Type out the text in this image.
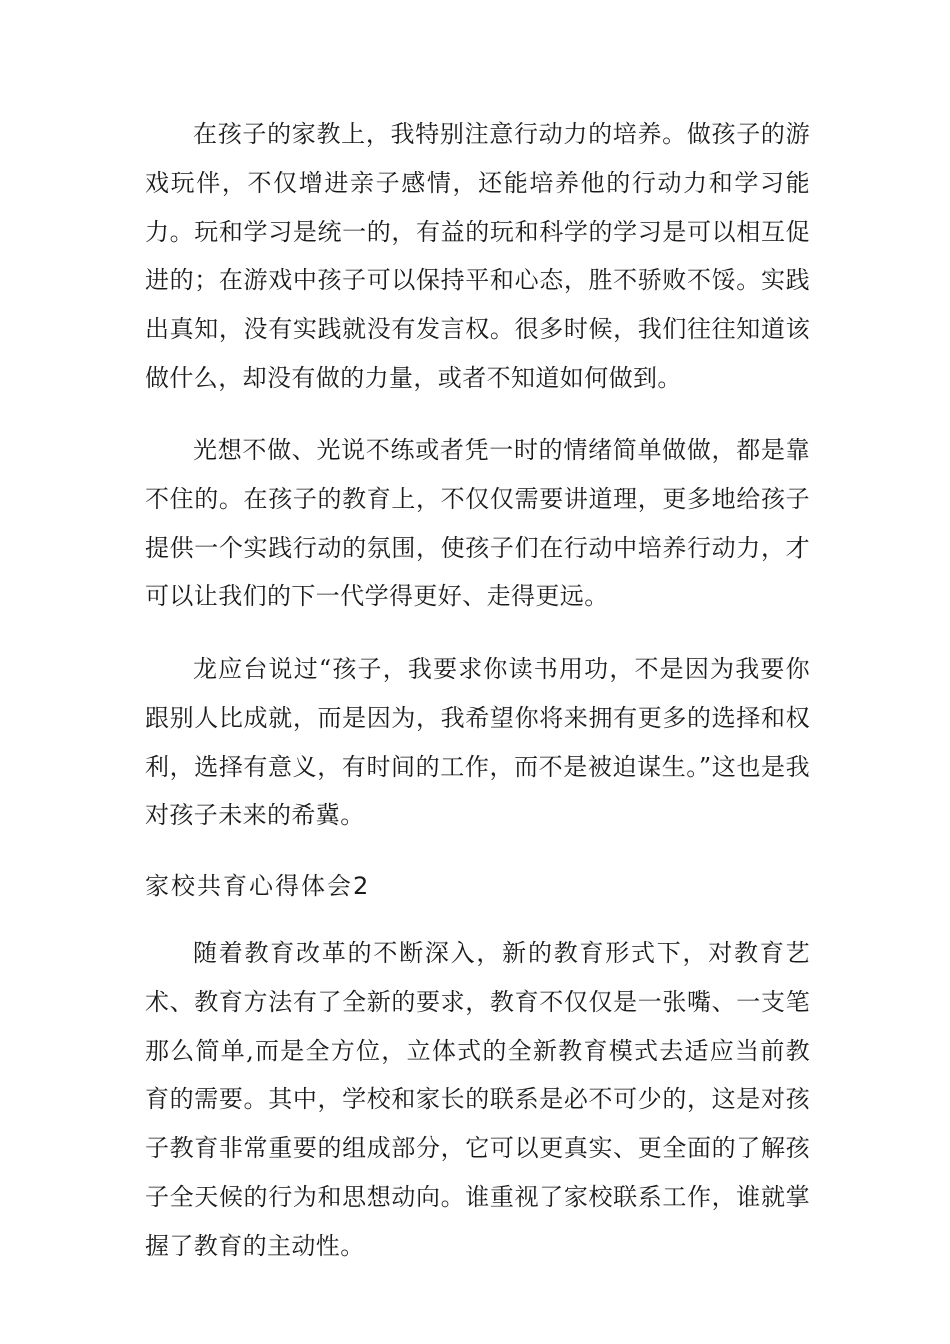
在孩子的家教上，我特别注意行动力的培养。做孩子的游戏玩伴，不仅增进亲子感情，还能培养他的行动力和学习能力。玩和学习是统一的，有益的玩和科学的学习是可以相互促进的；在游戏中孩子可以保持平和心态，胜不骄败不馁。实践出真知，没有实践就没有发言权。很多时候，我们往往知道该做什么，却没有做的力量，或者不知道如何做到。

光想不做、光说不练或者凭一时的情绪简单做做，都是靠不住的。在孩子的教育上，不仅仅需要讲道理，更多地给孩子提供一个实践行动的氛围，使孩子们在行动中培养行动力，才可以让我们的下一代学得更好、走得更远。

龙应台说过“孩子，我要求你读书用功，不是因为我要你跟别人比成就，而是因为，我希望你将来拥有更多的选择和权利，选择有意义，有时间的工作，而不是被迫谋生。”这也是我对孩子未来的希冀。

家校共育心得体会2

随着教育改革的不断深入，新的教育形式下，对教育艺术、教育方法有了全新的要求，教育不仅仅是一张嘴、一支笔那么简单,而是全方位，立体式的全新教育模式去适应当前教育的需要。其中，学校和家长的联系是必不可少的，这是对孩子教育非常重要的组成部分，它可以更真实、更全面的了解孩子全天候的行为和思想动向。谁重视了家校联系工作，谁就掌握了教育的主动性。
